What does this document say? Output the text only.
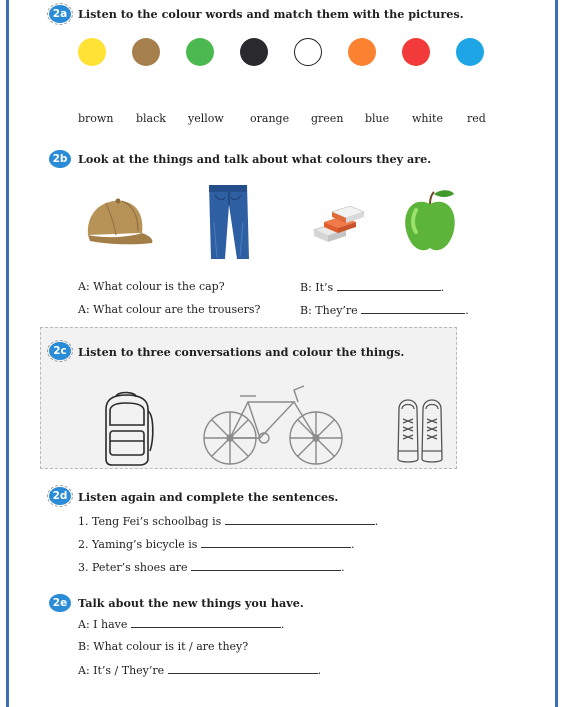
2a Listen to the colour words and match them with the pictures.
brown black yellow orange green blue white red
2b Look at the things and talk about what colours they are.
A: What colour is the cap?	B: It’s	.
A: What colour are the trousers?	B: They’re	.
2c	Listen to three conversations and colour the things.
2d Listen again and complete the sentences.
1. Teng Fei’s schoolbag is	.
2. Yaming’s bicycle is	.
3. Peter’s shoes are	.
2e Talk about the new things you have.
A: I have	.
B: What colour is it / are they?
A: It’s / They’re	.
